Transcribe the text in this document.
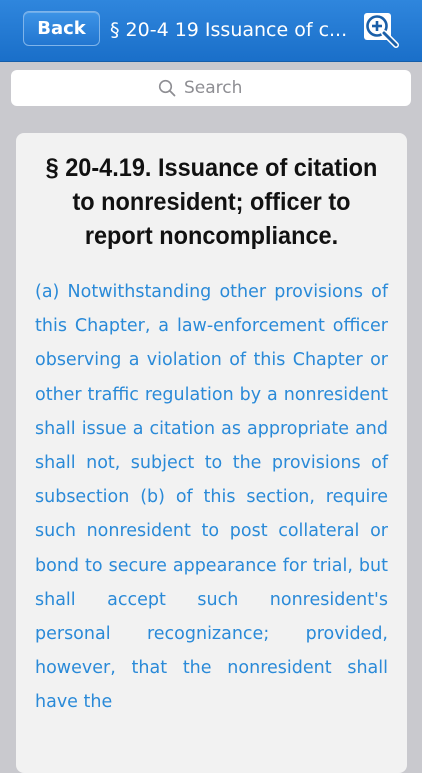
Back	§ 20-4 19 Issuance of c...
Search
§ 20-4.19. Issuance of citation to nonresident; officer to report noncompliance.
(a) Notwithstanding other provisions of this Chapter, a law-enforcement officer observing a violation of this Chapter or other traffic regulation by a nonresident shall issue a citation as appropriate and shall not, subject to the provisions of subsection (b) of this section, require such nonresident to post collateral or bond to secure appearance for trial, but shall accept such nonresident's personal recognizance; provided, however, that the nonresident shall have the
